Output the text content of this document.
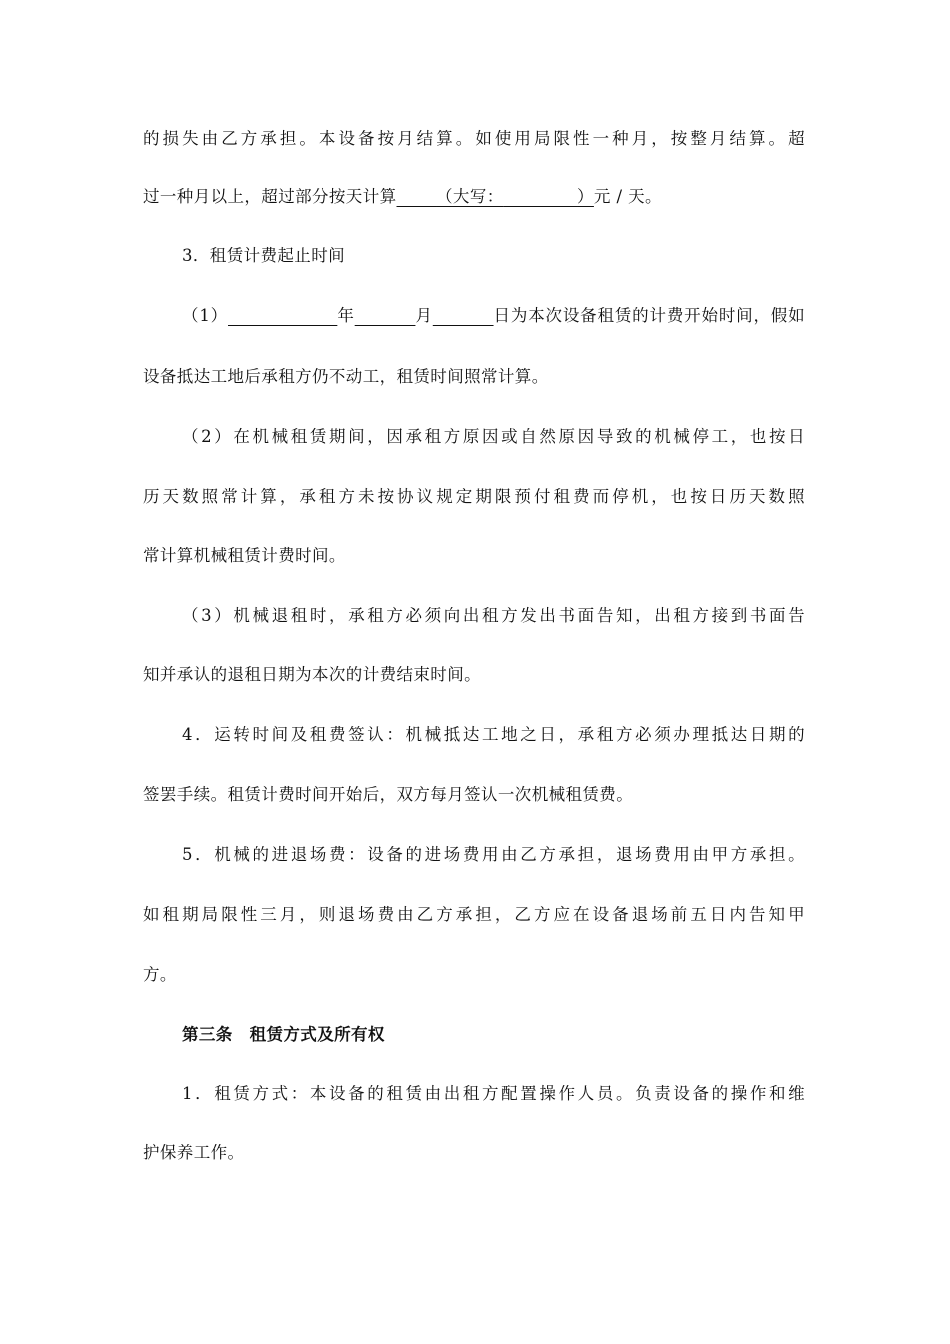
的损失由乙方承担。本设备按月结算。如使用局限性一种月，按整月结算。超
过一种月以上，超过部分按天计算 （大写：	）元 / 天。
3．租赁计费起止时间
（1）	年	月	日为本次设备租赁的计费开始时间，假如
设备抵达工地后承租方仍不动工，租赁时间照常计算。
（2）在机械租赁期间，因承租方原因或自然原因导致的机械停工，也按日
历天数照常计算，承租方未按协议规定期限预付租费而停机，也按日历天数照
常计算机械租赁计费时间。
（3）机械退租时，承租方必须向出租方发出书面告知，出租方接到书面告
知并承认的退租日期为本次的计费结束时间。
4．运转时间及租费签认：机械抵达工地之日，承租方必须办理抵达日期的
签罢手续。租赁计费时间开始后，双方每月签认一次机械租赁费。
5．机械的进退场费：设备的进场费用由乙方承担，退场费用由甲方承担。
如租期局限性三月，则退场费由乙方承担，乙方应在设备退场前五日内告知甲
方。
第三条　租赁方式及所有权
1．租赁方式：本设备的租赁由出租方配置操作人员。负责设备的操作和维
护保养工作。
